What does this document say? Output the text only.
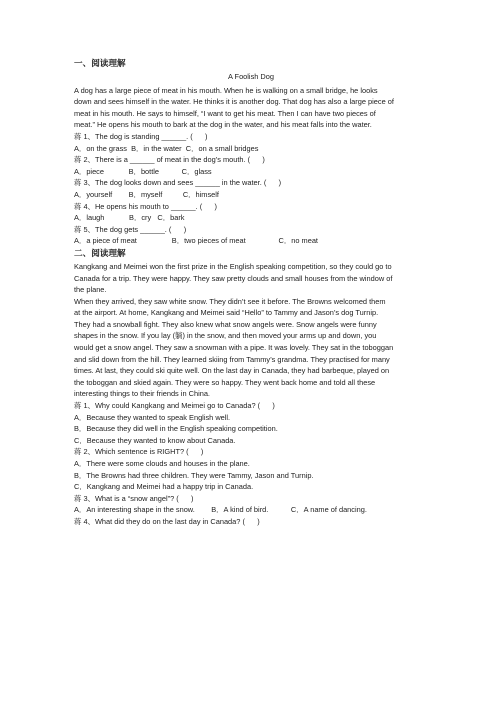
一、阅读理解
A Foolish Dog

A dog has a large piece of meat in his mouth. When he is walking on a small bridge, he looks

down and sees himself in the water. He thinks it is another dog. That dog has also a large piece of

meat in his mouth. He says to himself, “I want to get his meat. Then I can have two pieces of

meat.” He opens his mouth to bark at the dog in the water, and his meat falls into the water.

蒋 1、The dog is standing ______. (      )

A．on the grass  B．in the water  C．on a small bridges

蒋 2、There is a ______ of meat in the dog’s mouth. (      )

A．piece            B．bottle           C．glass

蒋 3、The dog looks down and sees ______ in the water. (      )

A．yourself        B．myself          C．himself

蒋 4、He opens his mouth to ______. (      )

A．laugh            B．cry   C．bark

蒋 5、The dog gets ______. (      )

A．a piece of meat                 B．two pieces of meat                C．no meat

二、阅读理解

Kangkang and Meimei won the first prize in the English speaking competition, so they could go to

Canada for a trip. They were happy. They saw pretty clouds and small houses from the window of

the plane.

When they arrived, they saw white snow. They didn’t see it before. The Browns welcomed them

at the airport. At home, Kangkang and Meimei said “Hello” to Tammy and Jason’s dog Turnip.

They had a snowball fight. They also knew what snow angels were. Snow angels were funny

shapes in the snow. If you lay (躺) in the snow, and then moved your arms up and down, you

would get a snow angel. They saw a snowman with a pipe. It was lovely. They sat in the toboggan

and slid down from the hill. They learned skiing from Tammy’s grandma. They practised for many

times. At last, they could ski quite well. On the last day in Canada, they had barbeque, played on

the toboggan and skied again. They were so happy. They went back home and told all these

interesting things to their friends in China.

蒋 1、Why could Kangkang and Meimei go to Canada? (      )

A．Because they wanted to speak English well.

B．Because they did well in the English speaking competition.

C．Because they wanted to know about Canada.

蒋 2、Which sentence is RIGHT? (      )

A．There were some clouds and houses in the plane.

B．The Browns had three children. They were Tammy, Jason and Turnip.

C．Kangkang and Meimei had a happy trip in Canada.

蒋 3、What is a “snow angel”? (      )

A．An interesting shape in the snow.        B．A kind of bird.           C．A name of dancing.

蒋 4、What did they do on the last day in Canada? (      )
